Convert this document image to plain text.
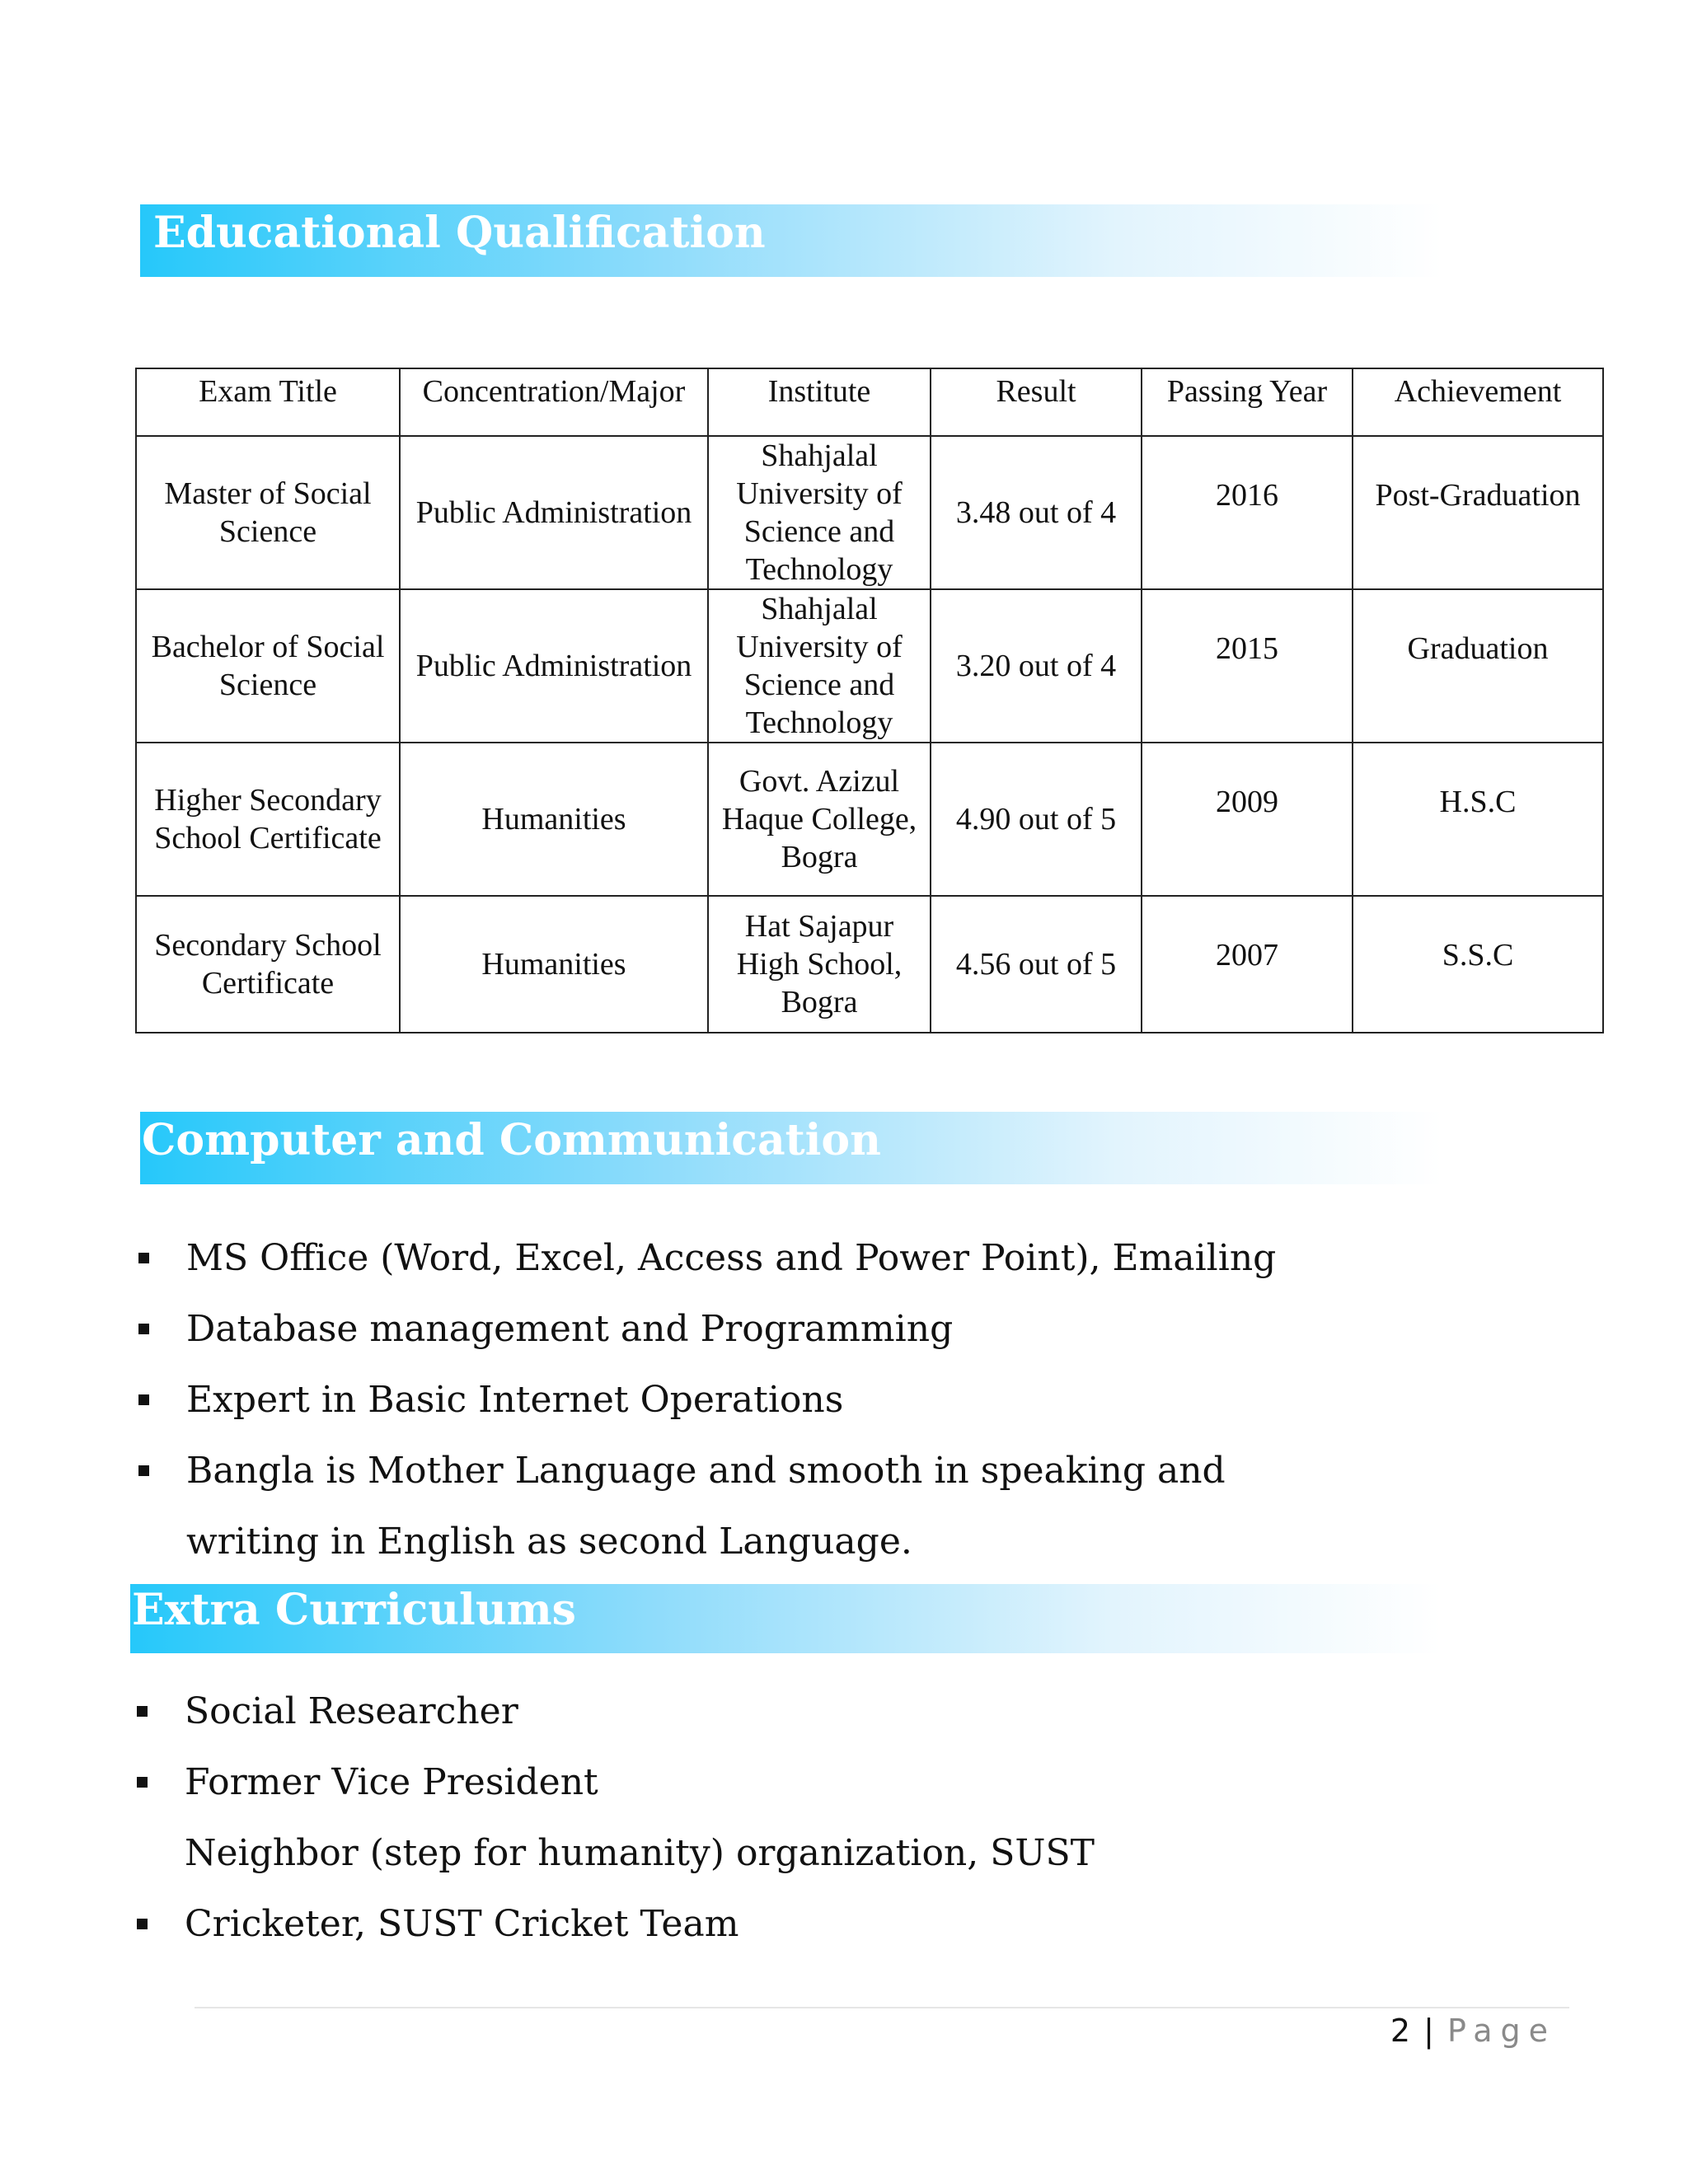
Educational Qualification
Exam Title	Concentration/Major	Institute	Result	Passing Year	Achievement
Master of Social Science	Public Administration	Shahjalal University of Science and Technology	3.48 out of 4	2016	Post-Graduation
Bachelor of Social Science	Public Administration	Shahjalal University of Science and Technology	3.20 out of 4	2015	Graduation
Higher Secondary School Certificate	Humanities	Govt. Azizul Haque College, Bogra	4.90 out of 5	2009	H.S.C
Secondary School Certificate	Humanities	Hat Sajapur High School, Bogra	4.56 out of 5	2007	S.S.C
Computer and Communication
MS Office (Word, Excel, Access and Power Point), Emailing
Database management and Programming
Expert in Basic Internet Operations
Bangla is Mother Language and smooth in speaking and writing in English as second Language.
Extra Curriculums
Social Researcher
Former Vice President
Neighbor (step for humanity) organization, SUST
Cricketer, SUST Cricket Team
2 | Page
